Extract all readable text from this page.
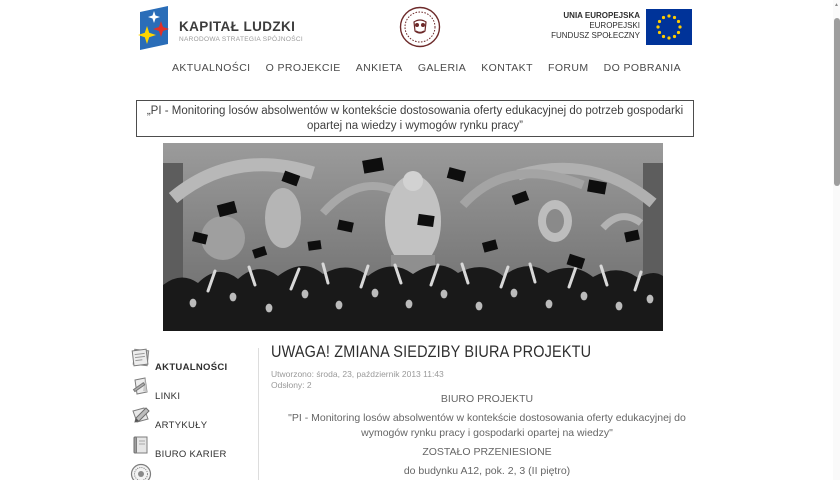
KAPITAŁ LUDZKI
NARODOWA STRATEGIA SPÓJNOŚCI
UNIA EUROPEJSKA
EUROPEJSKI
FUNDUSZ SPOŁECZNY
AKTUALNOŚCI O PROJEKCIE ANKIETA GALERIA KONTAKT FORUM DO POBRANIA
„PI - Monitoring losów absolwentów w kontekście dostosowania oferty edukacyjnej do potrzeb gospodarki opartej na wiedzy i wymogów rynku pracy”
AKTUALNOŚCI
LINKI
ARTYKUŁY
BIURO KARIER
UWAGA! ZMIANA SIEDZIBY BIURA PROJEKTU
Utworzono: środa, 23, październik 2013 11:43
Odsłony: 2

BIURO PROJEKTU

"PI - Monitoring losów absolwentów w kontekście dostosowania oferty edukacyjnej do wymogów rynku pracy i gospodarki opartej na wiedzy"

ZOSTAŁO PRZENIESIONE

do budynku A12, pok. 2, 3 (II piętro)

▲
